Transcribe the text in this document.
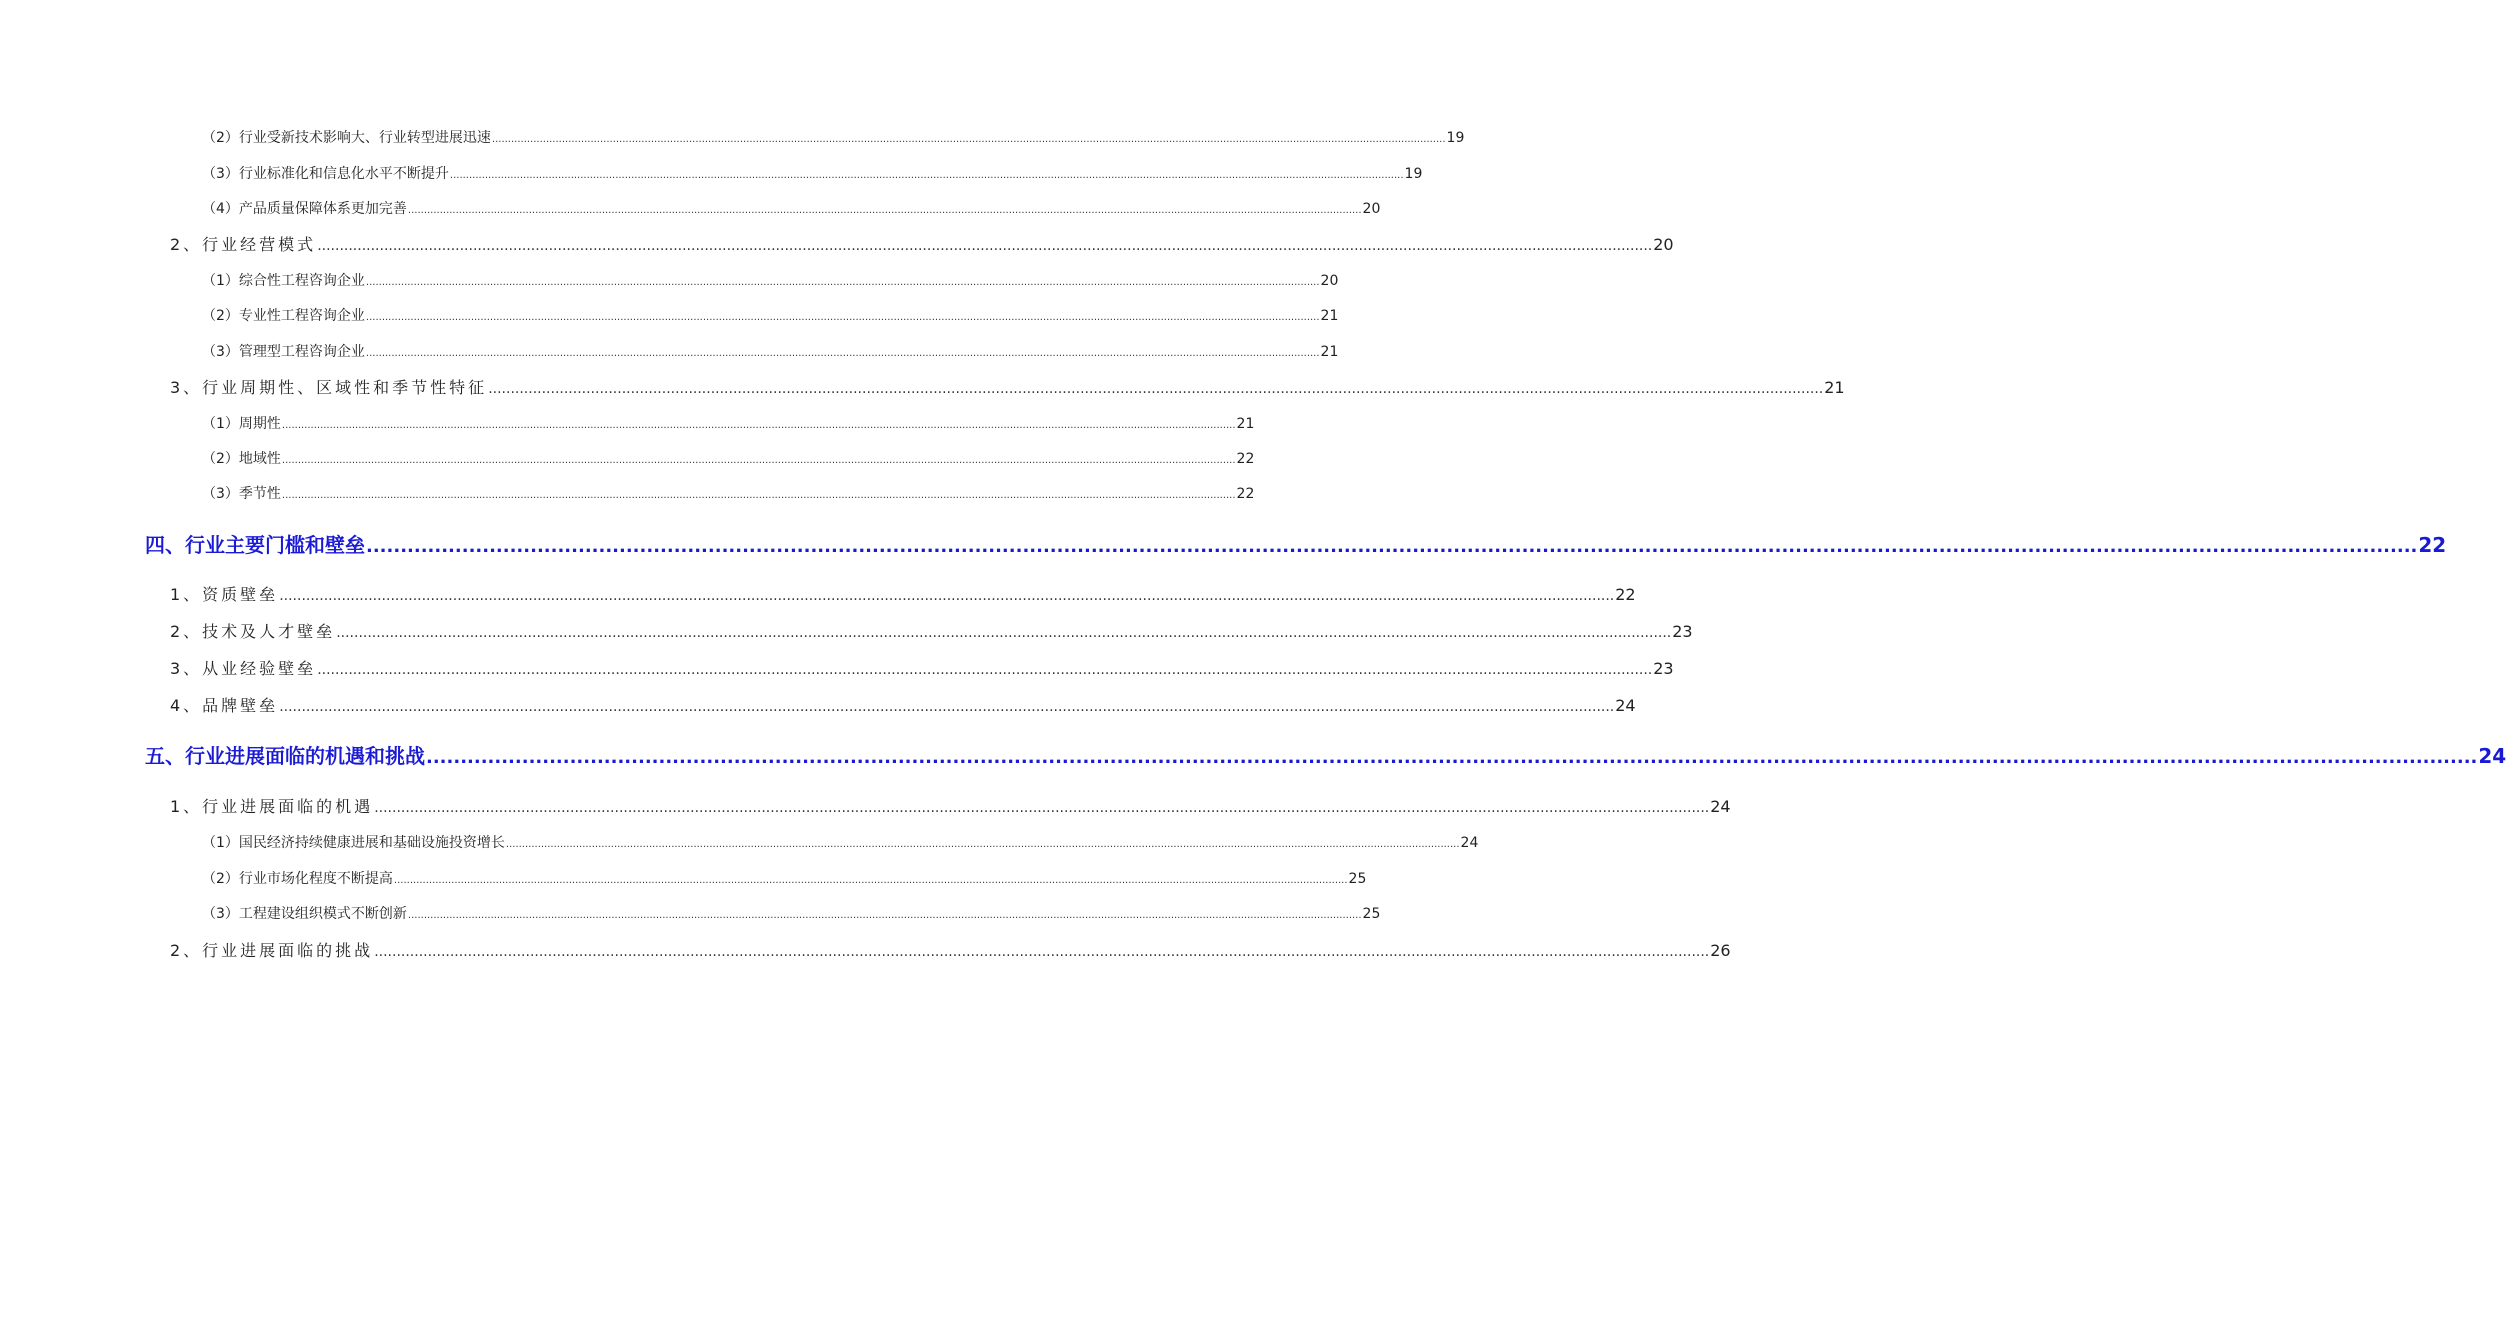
（2）行业受新技术影响大、行业转型进展迅速 ............................................................................................................................................................................................................................................................................................................ 19
（3）行业标准化和信息化水平不断提升 ............................................................................................................................................................................................................................................................................................................ 19
（4）产品质量保障体系更加完善 ............................................................................................................................................................................................................................................................................................................ 20
2、行业经营模式 ............................................................................................................................................................................................................................................................................................................ 20
（1）综合性工程咨询企业 ............................................................................................................................................................................................................................................................................................................ 20
（2）专业性工程咨询企业 ............................................................................................................................................................................................................................................................................................................ 21
（3）管理型工程咨询企业 ............................................................................................................................................................................................................................................................................................................ 21
3、行业周期性、区域性和季节性特征 ............................................................................................................................................................................................................................................................................................................ 21
（1）周期性 ............................................................................................................................................................................................................................................................................................................ 21
（2）地域性 ............................................................................................................................................................................................................................................................................................................ 22
（3）季节性 ............................................................................................................................................................................................................................................................................................................ 22
四、行业主要门槛和壁垒 ............................................................................................................................................................................................................................................................................................................ 22
1、资质壁垒 ............................................................................................................................................................................................................................................................................................................ 22
2、技术及人才壁垒 ............................................................................................................................................................................................................................................................................................................ 23
3、从业经验壁垒 ............................................................................................................................................................................................................................................................................................................ 23
4、品牌壁垒 ............................................................................................................................................................................................................................................................................................................ 24
五、行业进展面临的机遇和挑战 ............................................................................................................................................................................................................................................................................................................ 24
1、行业进展面临的机遇 ............................................................................................................................................................................................................................................................................................................ 24
（1）国民经济持续健康进展和基础设施投资增长 ............................................................................................................................................................................................................................................................................................................ 24
（2）行业市场化程度不断提高 ............................................................................................................................................................................................................................................................................................................ 25
（3）工程建设组织模式不断创新 ............................................................................................................................................................................................................................................................................................................ 25
2、行业进展面临的挑战 ............................................................................................................................................................................................................................................................................................................ 26
